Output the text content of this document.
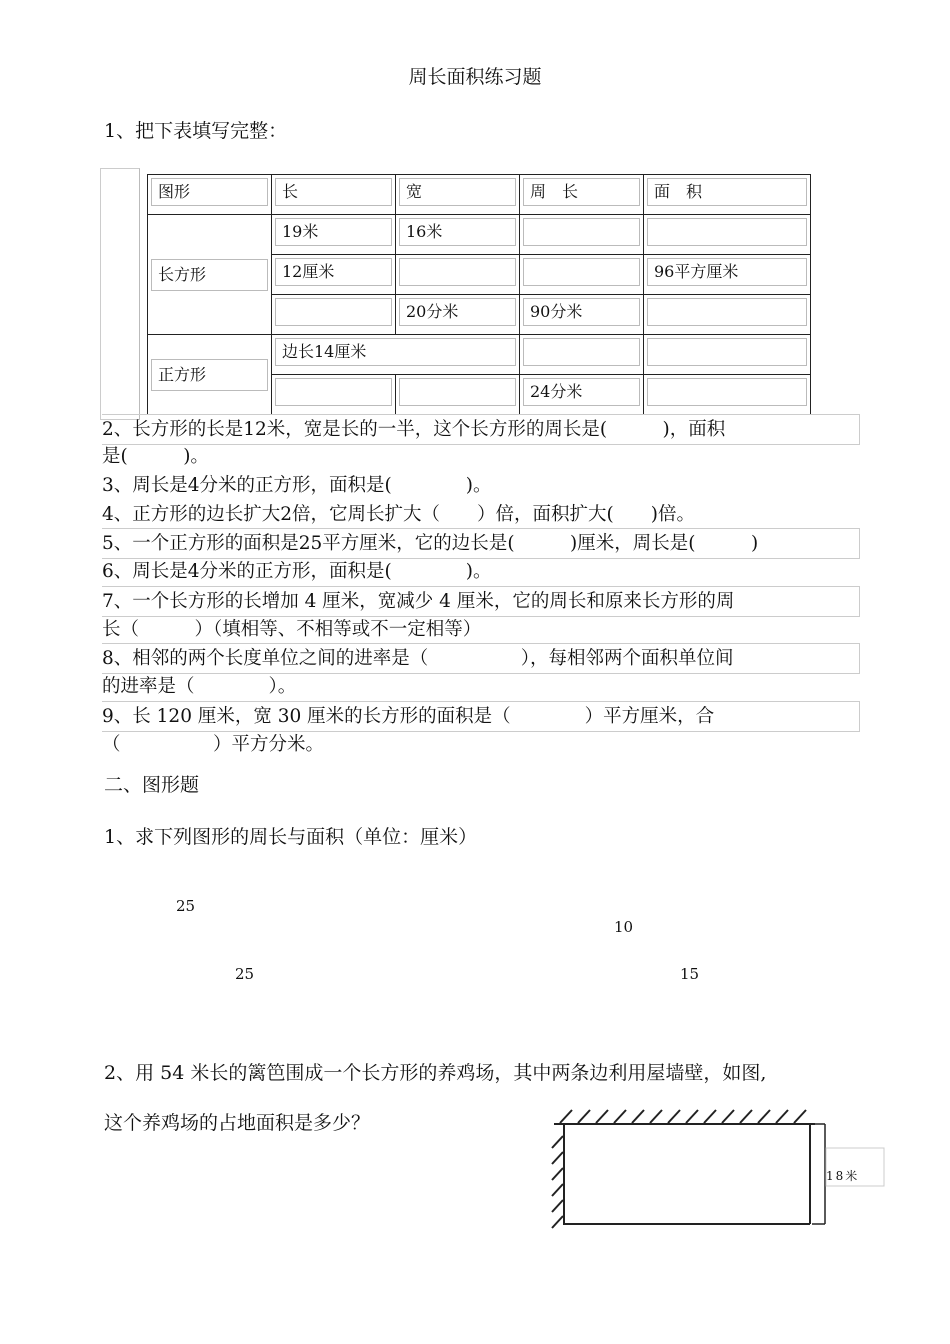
周长面积练习题
1、把下表填写完整：
图形	长	宽	周　长	面　积

长方形	19米	16米		

	12厘米			96平方厘米

		20分米	90分米	

正方形	边长14厘米			

			24分米	

2、长方形的长是12米，宽是长的一半，这个长方形的周长是(　　　)，面积
是(　　　)。
3、周长是4分米的正方形，面积是(　　　　)。
4、正方形的边长扩大2倍，它周长扩大（　　）倍，面积扩大(　　)倍。
5、一个正方形的面积是25平方厘米，它的边长是(　　　)厘米，周长是(　　　)
6、周长是4分米的正方形，面积是(　　　　)。
7、一个长方形的长增加 4 厘米，宽减少 4 厘米，它的周长和原来长方形的周
长（　　　）（填相等、不相等或不一定相等）
8、相邻的两个长度单位之间的进率是（　　　　　），每相邻两个面积单位间
的进率是（　　　　）。
9、长 120 厘米，宽 30 厘米的长方形的面积是（　　　　）平方厘米，合
（　　　　　）平方分米。
二、图形题
1、求下列图形的周长与面积（单位：厘米）
25
25
10
15
2、用 54 米长的篱笆围成一个长方形的养鸡场，其中两条边利用屋墙壁，如图,
这个养鸡场的占地面积是多少？
18米
